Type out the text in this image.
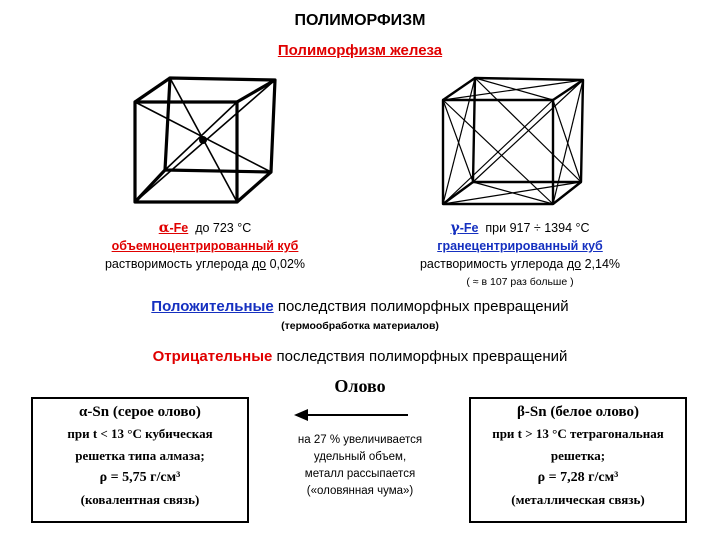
ПОЛИМОРФИЗМ
Полиморфизм железа
α-Fe до 723 °С
объемноцентрированный куб
растворимость углерода до 0,02%
γ-Fe при 917 ÷ 1394 °С
гранецентрированный куб
растворимость углерода до 2,14%
( ≈ в 107 раз больше )
Положительные последствия полиморфных превращений
(термообработка материалов)
Отрицательные последствия полиморфных превращений
Олово
на 27 % увеличивается
удельный объем,
металл рассыпается
(«оловянная чума»)

α-Sn (серое олово)

при t < 13 °С кубическая

решетка типа алмаза;

ρ = 5,75 г/см³

(ковалентная связь)

β-Sn (белое олово)

при t > 13 °С тетрагональная

решетка;

ρ = 7,28 г/см³

(металлическая связь)
